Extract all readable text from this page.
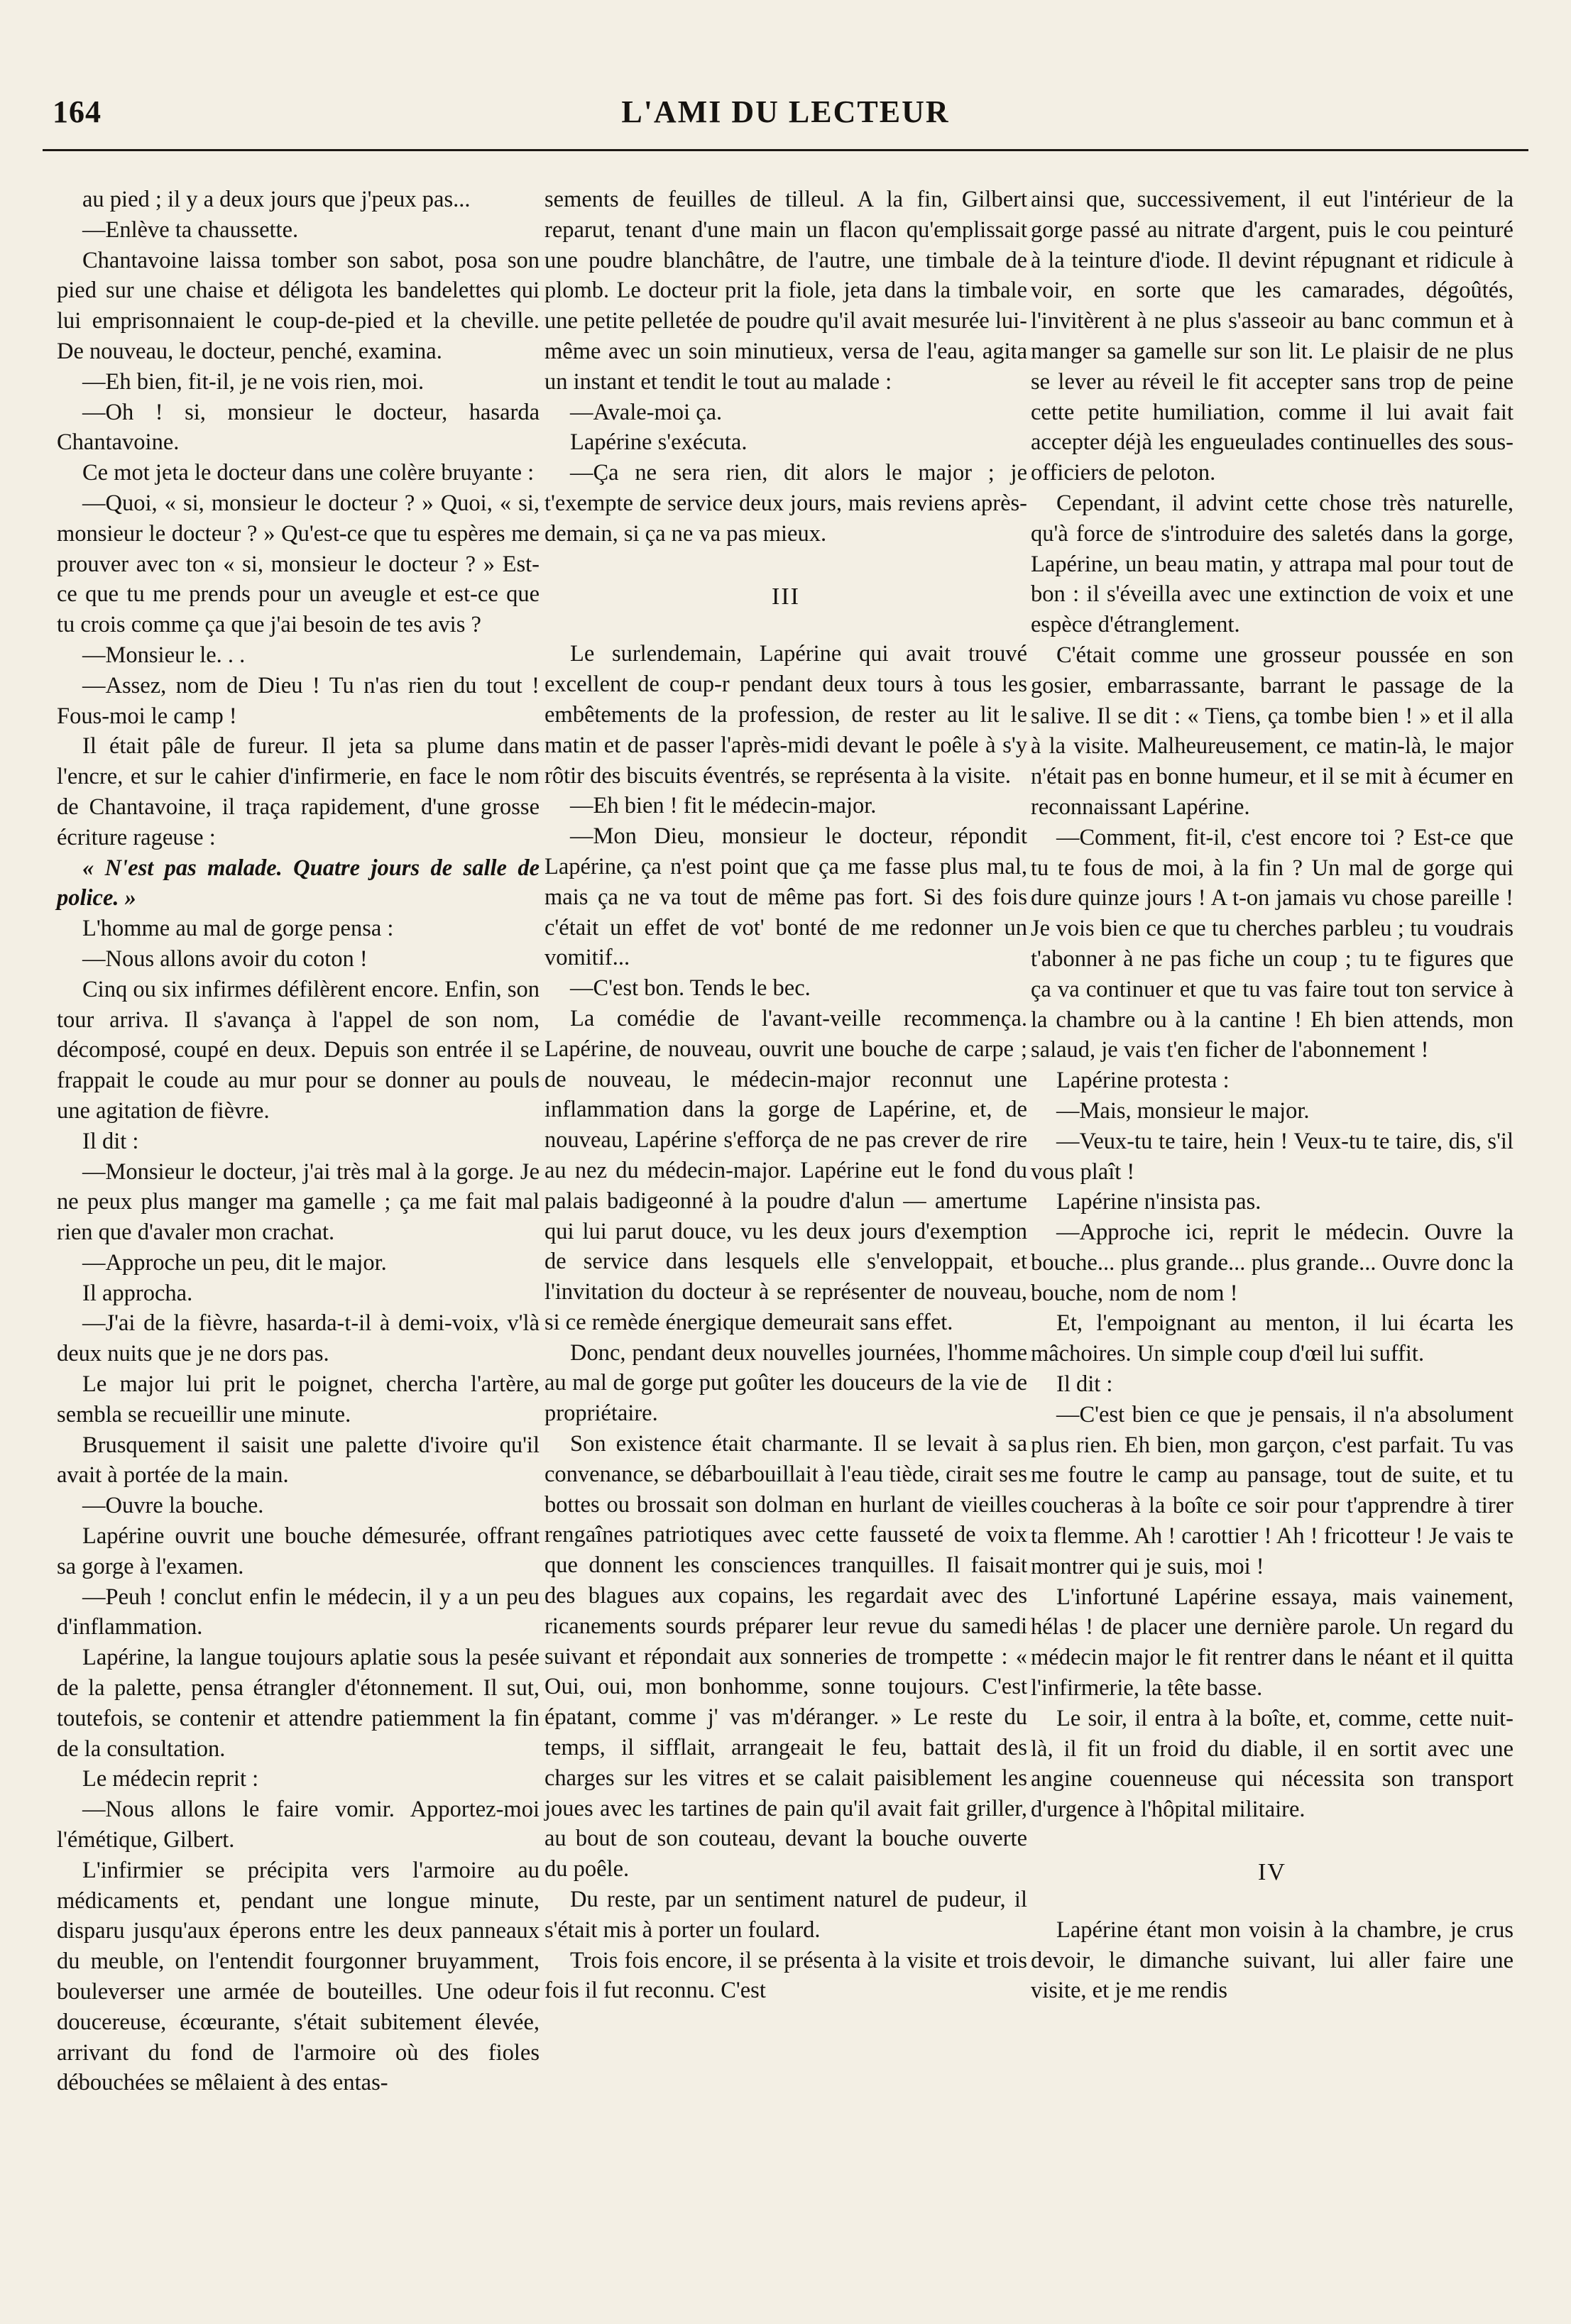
164	L'AMI DU LECTEUR

au pied ; il y a deux jours que j'peux pas...

—Enlève ta chaussette.

Chantavoine laissa tomber son sabot, posa son pied sur une chaise et déligota les bandelettes qui lui emprisonnaient le coup-de-pied et la cheville. De nouveau, le docteur, penché, examina.

—Eh bien, fit-il, je ne vois rien, moi.

—Oh ! si, monsieur le docteur, hasarda Chantavoine.

Ce mot jeta le docteur dans une colère bruyante :

—Quoi, « si, monsieur le docteur ? » Quoi, « si, monsieur le docteur ? » Qu'est-ce que tu espères me prouver avec ton « si, monsieur le docteur ? » Est-ce que tu me prends pour un aveugle et est-ce que tu crois comme ça que j'ai besoin de tes avis ?

—Monsieur le. . .

—Assez, nom de Dieu ! Tu n'as rien du tout ! Fous-moi le camp !

Il était pâle de fureur. Il jeta sa plume dans l'encre, et sur le cahier d'infirmerie, en face le nom de Chantavoine, il traça rapidement, d'une grosse écriture rageuse :

« N'est pas malade. Quatre jours de salle de police. »

L'homme au mal de gorge pensa :

—Nous allons avoir du coton !

Cinq ou six infirmes défilèrent encore. Enfin, son tour arriva. Il s'avança à l'appel de son nom, décomposé, coupé en deux. Depuis son entrée il se frappait le coude au mur pour se donner au pouls une agitation de fièvre.

Il dit :

—Monsieur le docteur, j'ai très mal à la gorge. Je ne peux plus manger ma gamelle ; ça me fait mal rien que d'avaler mon crachat.

—Approche un peu, dit le major.

Il approcha.

—J'ai de la fièvre, hasarda-t-il à demi-voix, v'là deux nuits que je ne dors pas.

Le major lui prit le poignet, chercha l'artère, sembla se recueillir une minute.

Brusquement il saisit une palette d'ivoire qu'il avait à portée de la main.

—Ouvre la bouche.

Lapérine ouvrit une bouche démesurée, offrant sa gorge à l'examen.

—Peuh ! conclut enfin le médecin, il y a un peu d'inflammation.

Lapérine, la langue toujours aplatie sous la pesée de la palette, pensa étrangler d'étonnement. Il sut, toutefois, se contenir et attendre patiemment la fin de la consultation.

Le médecin reprit :

—Nous allons le faire vomir. Apportez-moi l'émétique, Gilbert.

L'infirmier se précipita vers l'armoire au médicaments et, pendant une longue minute, disparu jusqu'aux éperons entre les deux panneaux du meuble, on l'entendit fourgonner bruyamment, bouleverser une armée de bouteilles. Une odeur doucereuse, écœurante, s'était subitement élevée, arrivant du fond de l'armoire où des fioles débouchées se mêlaient à des entas-

sements de feuilles de tilleul. A la fin, Gilbert reparut, tenant d'une main un flacon qu'emplissait une poudre blanchâtre, de l'autre, une timbale de plomb. Le docteur prit la fiole, jeta dans la timbale une petite pelletée de poudre qu'il avait mesurée lui-même avec un soin minutieux, versa de l'eau, agita un instant et tendit le tout au malade :

—Avale-moi ça.

Lapérine s'exécuta.

—Ça ne sera rien, dit alors le major ; je t'exempte de service deux jours, mais reviens après-demain, si ça ne va pas mieux.

III

Le surlendemain, Lapérine qui avait trouvé excellent de coup-r pendant deux tours à tous les embêtements de la profession, de rester au lit le matin et de passer l'après-midi devant le poêle à s'y rôtir des biscuits éventrés, se représenta à la visite.

—Eh bien ! fit le médecin-major.

—Mon Dieu, monsieur le docteur, répondit Lapérine, ça n'est point que ça me fasse plus mal, mais ça ne va tout de même pas fort. Si des fois c'était un effet de vot' bonté de me redonner un vomitif...

—C'est bon. Tends le bec.

La comédie de l'avant-veille recommença. Lapérine, de nouveau, ouvrit une bouche de carpe ; de nouveau, le médecin-major reconnut une inflammation dans la gorge de Lapérine, et, de nouveau, Lapérine s'efforça de ne pas crever de rire au nez du médecin-major. Lapérine eut le fond du palais badigeonné à la poudre d'alun — amertume qui lui parut douce, vu les deux jours d'exemption de service dans lesquels elle s'enveloppait, et l'invitation du docteur à se représenter de nouveau, si ce remède énergique demeurait sans effet.

Donc, pendant deux nouvelles journées, l'homme au mal de gorge put goûter les douceurs de la vie de propriétaire.

Son existence était charmante. Il se levait à sa convenance, se débarbouillait à l'eau tiède, cirait ses bottes ou brossait son dolman en hurlant de vieilles rengaînes patriotiques avec cette fausseté de voix que donnent les consciences tranquilles. Il faisait des blagues aux copains, les regardait avec des ricanements sourds préparer leur revue du samedi suivant et répondait aux sonneries de trompette : « Oui, oui, mon bonhomme, sonne toujours. C'est épatant, comme j' vas m'déranger. » Le reste du temps, il sifflait, arrangeait le feu, battait des charges sur les vitres et se calait paisiblement les joues avec les tartines de pain qu'il avait fait griller, au bout de son couteau, devant la bouche ouverte du poêle.

Du reste, par un sentiment naturel de pudeur, il s'était mis à porter un foulard.

Trois fois encore, il se présenta à la visite et trois fois il fut reconnu. C'est

ainsi que, successivement, il eut l'intérieur de la gorge passé au nitrate d'argent, puis le cou peinturé à la teinture d'iode. Il devint répugnant et ridicule à voir, en sorte que les camarades, dégoûtés, l'invitèrent à ne plus s'asseoir au banc commun et à manger sa gamelle sur son lit. Le plaisir de ne plus se lever au réveil le fit accepter sans trop de peine cette petite humiliation, comme il lui avait fait accepter déjà les engueulades continuelles des sous-officiers de peloton.

Cependant, il advint cette chose très naturelle, qu'à force de s'introduire des saletés dans la gorge, Lapérine, un beau matin, y attrapa mal pour tout de bon : il s'éveilla avec une extinction de voix et une espèce d'étranglement.

C'était comme une grosseur poussée en son gosier, embarrassante, barrant le passage de la salive. Il se dit : « Tiens, ça tombe bien ! » et il alla à la visite. Malheureusement, ce matin-là, le major n'était pas en bonne humeur, et il se mit à écumer en reconnaissant Lapérine.

—Comment, fit-il, c'est encore toi ? Est-ce que tu te fous de moi, à la fin ? Un mal de gorge qui dure quinze jours ! A t-on jamais vu chose pareille ! Je vois bien ce que tu cherches parbleu ; tu voudrais t'abonner à ne pas fiche un coup ; tu te figures que ça va continuer et que tu vas faire tout ton service à la chambre ou à la cantine ! Eh bien attends, mon salaud, je vais t'en ficher de l'abonnement !

Lapérine protesta :

—Mais, monsieur le major.

—Veux-tu te taire, hein ! Veux-tu te taire, dis, s'il vous plaît !

Lapérine n'insista pas.

—Approche ici, reprit le médecin. Ouvre la bouche... plus grande... plus grande... Ouvre donc la bouche, nom de nom !

Et, l'empoignant au menton, il lui écarta les mâchoires. Un simple coup d'œil lui suffit.

Il dit :

—C'est bien ce que je pensais, il n'a absolument plus rien. Eh bien, mon garçon, c'est parfait. Tu vas me foutre le camp au pansage, tout de suite, et tu coucheras à la boîte ce soir pour t'apprendre à tirer ta flemme. Ah ! carottier ! Ah ! fricotteur ! Je vais te montrer qui je suis, moi !

L'infortuné Lapérine essaya, mais vainement, hélas ! de placer une dernière parole. Un regard du médecin major le fit rentrer dans le néant et il quitta l'infirmerie, la tête basse.

Le soir, il entra à la boîte, et, comme, cette nuit-là, il fit un froid du diable, il en sortit avec une angine couenneuse qui nécessita son transport d'urgence à l'hôpital militaire.

IV

Lapérine étant mon voisin à la chambre, je crus devoir, le dimanche suivant, lui aller faire une visite, et je me rendis
